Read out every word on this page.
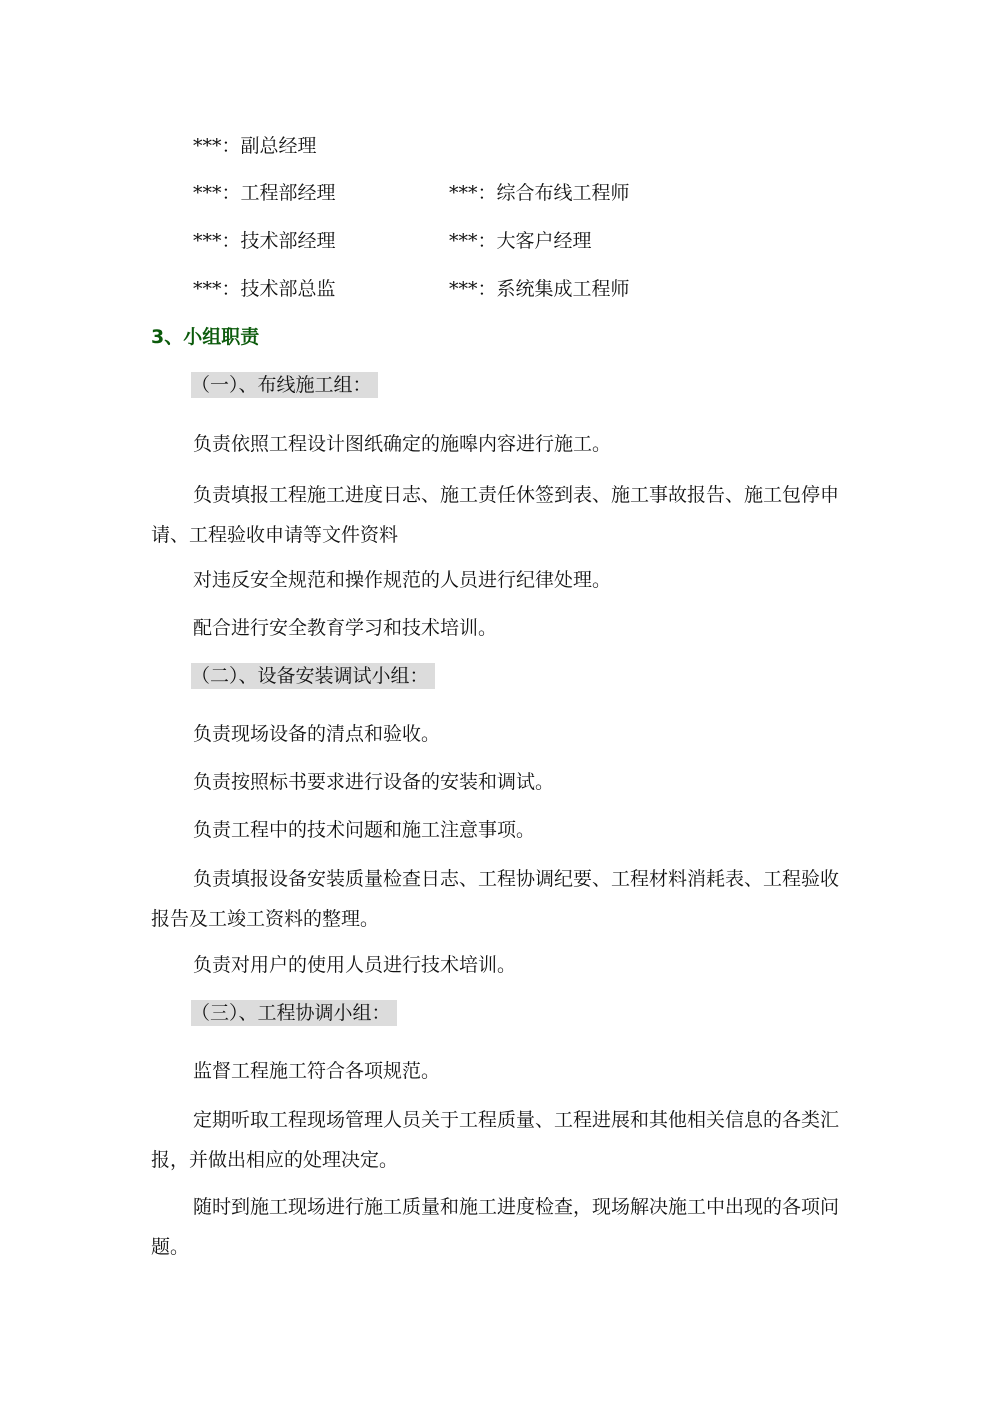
***：副总经理
***：工程部经理	***：综合布线工程师
***：技术部经理	***：大客户经理
***：技术部总监	***：系统集成工程师
3、小组职责
（一）、布线施工组：
负责依照工程设计图纸确定的施嗥内容进行施工。
负责填报工程施工进度日志、施工责任休签到表、施工事故报告、施工包停申请、工程验收申请等文件资料
对违反安全规范和操作规范的人员进行纪律处理。
配合进行安全教育学习和技术培训。
（二）、设备安装调试小组：
负责现场设备的清点和验收。
负责按照标书要求进行设备的安装和调试。
负责工程中的技术问题和施工注意事项。
负责填报设备安装质量检查日志、工程协调纪要、工程材料消耗表、工程验收报告及工竣工资料的整理。
负责对用户的使用人员进行技术培训。
（三）、工程协调小组：
监督工程施工符合各项规范。
定期听取工程现场管理人员关于工程质量、工程进展和其他相关信息的各类汇报，并做出相应的处理决定。
随时到施工现场进行施工质量和施工进度检查，现场解决施工中出现的各项问题。
